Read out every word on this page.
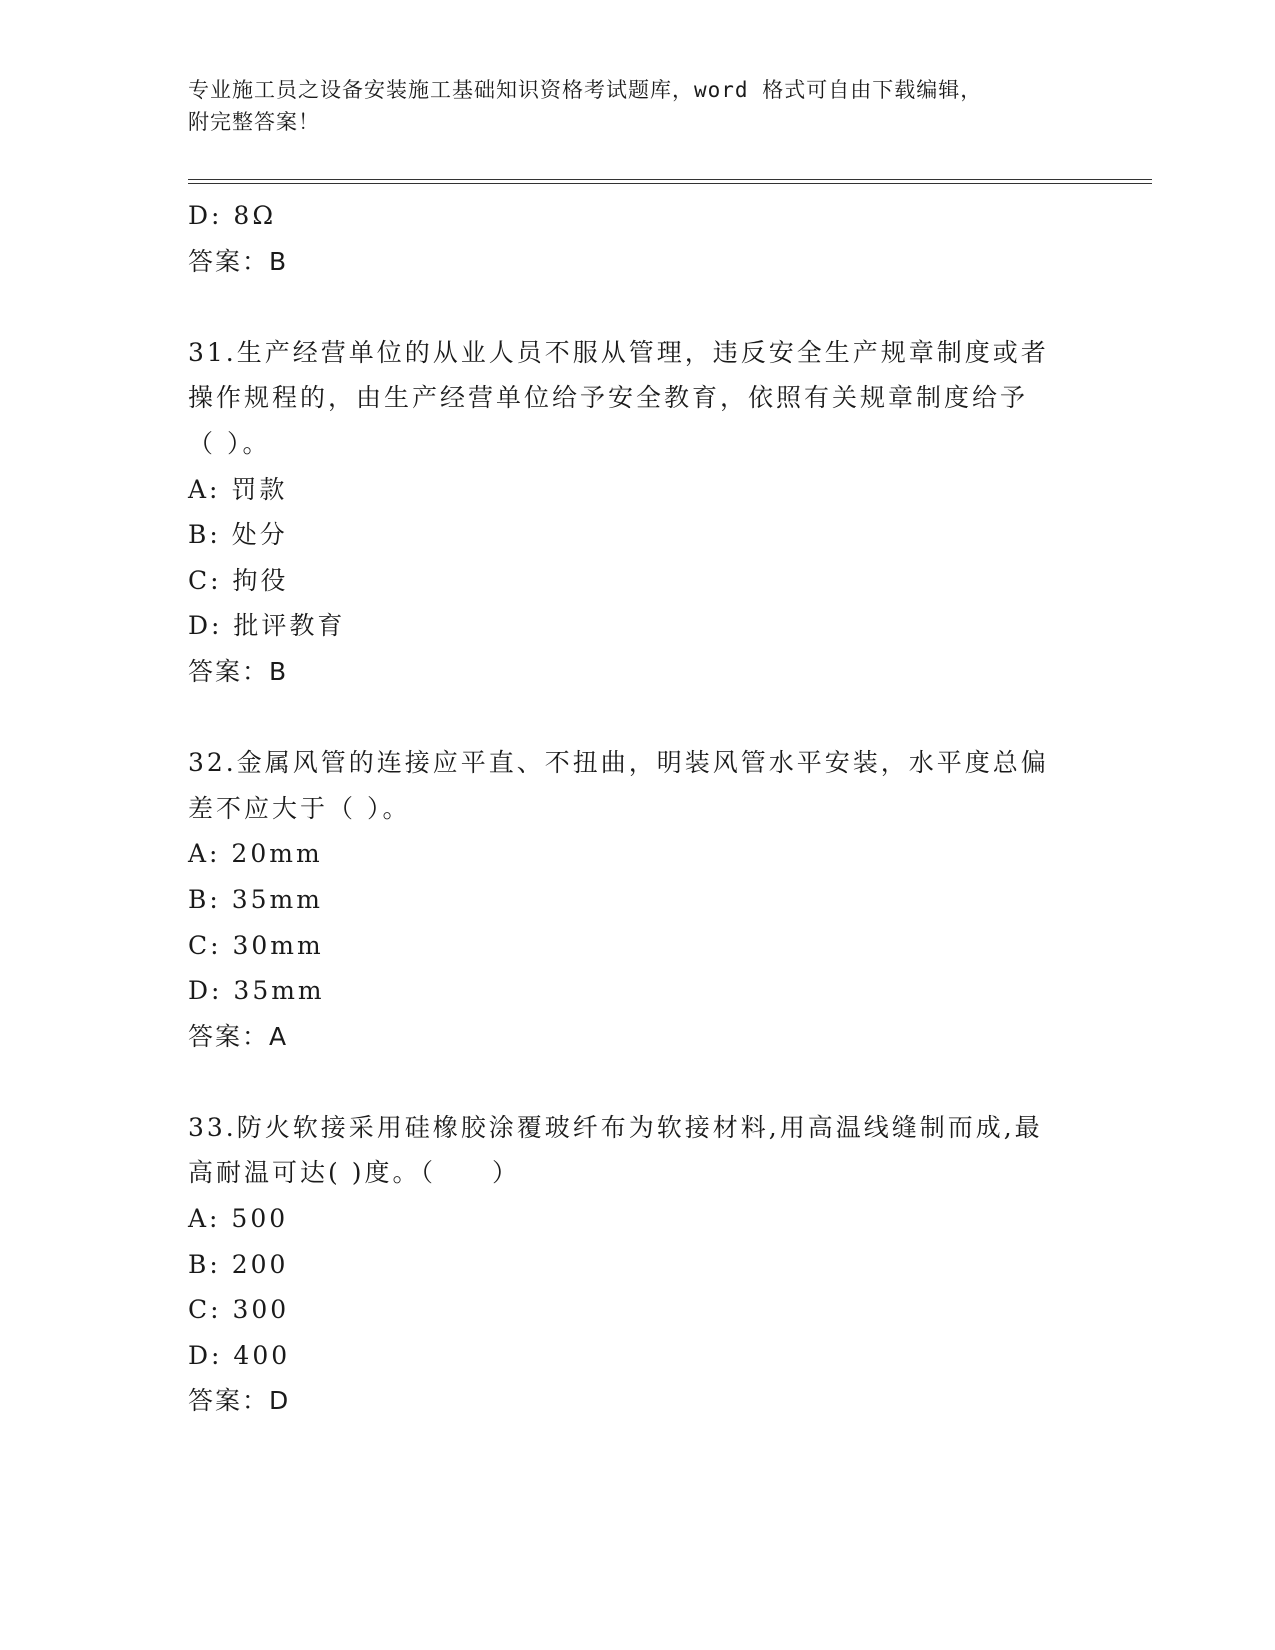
专业施工员之设备安装施工基础知识资格考试题库，word 格式可自由下载编辑，
附完整答案！
D: 8Ω
答案：B
31.生产经营单位的从业人员不服从管理，违反安全生产规章制度或者
操作规程的，由生产经营单位给予安全教育，依照有关规章制度给予
（ ）。
A: 罚款
B: 处分
C: 拘役
D: 批评教育
答案：B
32.金属风管的连接应平直、不扭曲，明装风管水平安装，水平度总偏
差不应大于（ ）。
A: 20mm
B: 35mm
C: 30mm
D: 35mm
答案：A
33.防火软接采用硅橡胶涂覆玻纤布为软接材料,用高温线缝制而成,最
高耐温可达( )度。（　　）
A: 500
B: 200
C: 300
D: 400
答案：D
